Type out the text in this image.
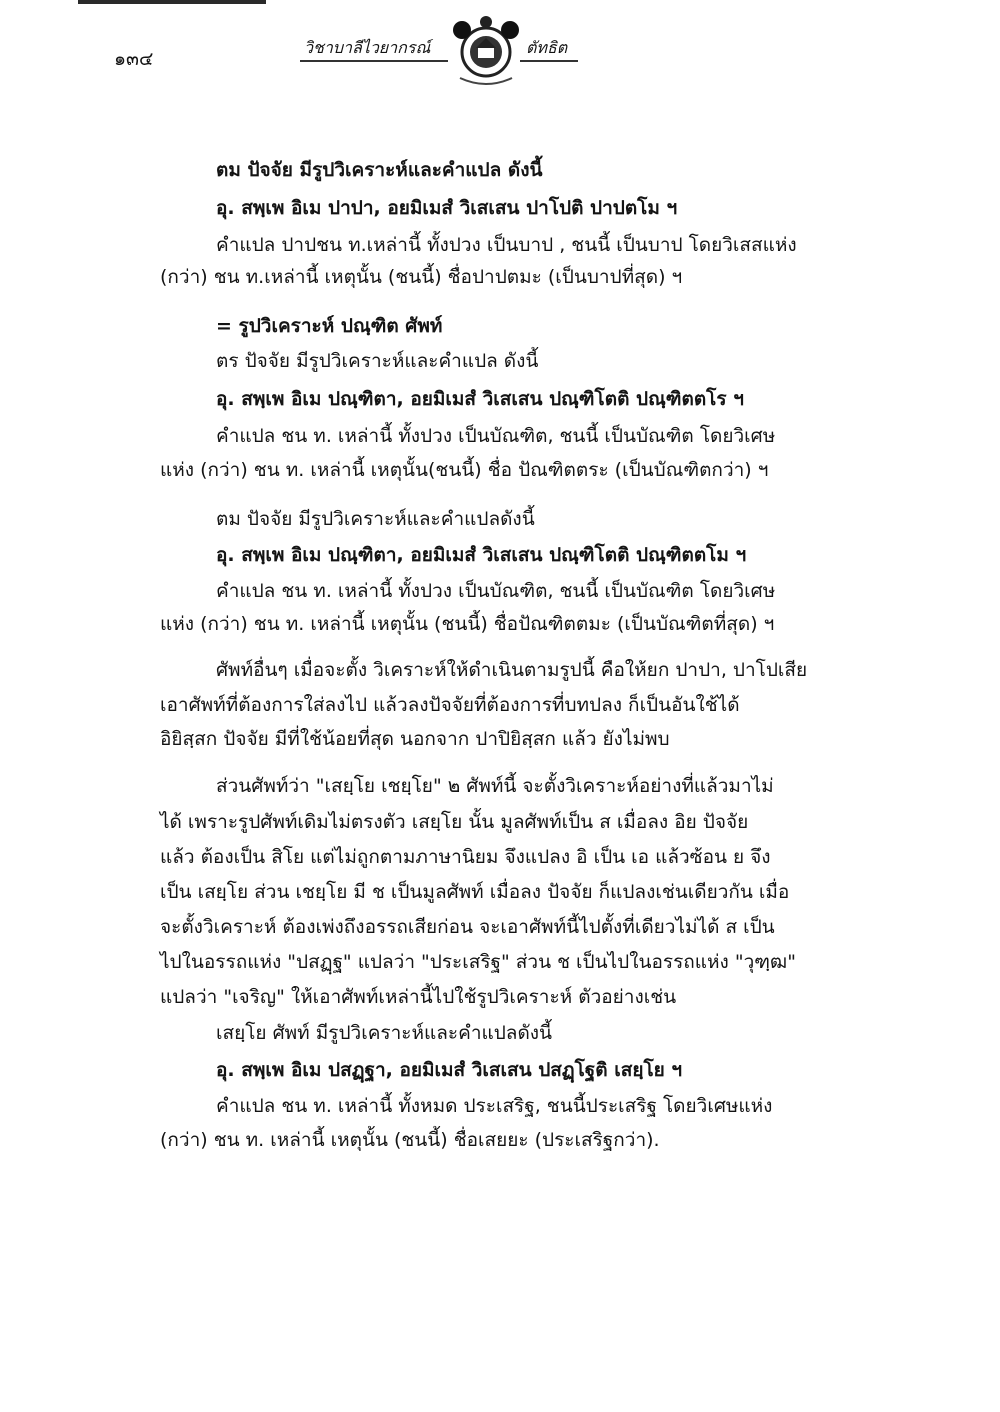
๑๓๔
วิชาบาลีไวยากรณ์	ตัทธิต
ตม ปัจจัย มีรูปวิเคราะห์และคำแปล ดังนี้
อุ. สพฺเพ อิเม ปาปา, อยมิเมสํ วิเสเสน ปาโปติ ปาปตโม ฯ
คำแปล ปาปชน ท.เหล่านี้ ทั้งปวง เป็นบาป , ชนนี้ เป็นบาป โดยวิเสสแห่ง
(กว่า) ชน ท.เหล่านี้ เหตุนั้น (ชนนี้) ชื่อปาปตมะ (เป็นบาปที่สุด) ฯ
= รูปวิเคราะห์ ปณฺฑิต ศัพท์
ตร ปัจจัย มีรูปวิเคราะห์และคำแปล ดังนี้
อุ. สพฺเพ อิเม ปณฺฑิตา, อยมิเมสํ วิเสเสน ปณฺฑิโตติ ปณฺฑิตตโร ฯ
คำแปล ชน ท. เหล่านี้ ทั้งปวง เป็นบัณฑิต, ชนนี้ เป็นบัณฑิต โดยวิเศษ
แห่ง (กว่า) ชน ท. เหล่านี้ เหตุนั้น(ชนนี้) ชื่อ ปัณฑิตตระ (เป็นบัณฑิตกว่า) ฯ
ตม ปัจจัย มีรูปวิเคราะห์และคำแปลดังนี้
อุ. สพฺเพ อิเม ปณฺฑิตา, อยมิเมสํ วิเสเสน ปณฺฑิโตติ ปณฺฑิตตโม ฯ
คำแปล ชน ท. เหล่านี้ ทั้งปวง เป็นบัณฑิต, ชนนี้ เป็นบัณฑิต โดยวิเศษ
แห่ง (กว่า) ชน ท. เหล่านี้ เหตุนั้น (ชนนี้) ชื่อปัณฑิตตมะ (เป็นบัณฑิตที่สุด) ฯ
ศัพท์อื่นๆ เมื่อจะตั้ง วิเคราะห์ให้ดำเนินตามรูปนี้ คือให้ยก ปาปา, ปาโปเสีย
เอาศัพท์ที่ต้องการใส่ลงไป แล้วลงปัจจัยที่ต้องการที่บทปลง ก็เป็นอันใช้ได้
อิยิสฺสก ปัจจัย มีที่ใช้น้อยที่สุด นอกจาก ปาปิยิสฺสก แล้ว ยังไม่พบ
ส่วนศัพท์ว่า "เสยฺโย เชยฺโย" ๒ ศัพท์นี้ จะตั้งวิเคราะห์อย่างที่แล้วมาไม่
ได้ เพราะรูปศัพท์เดิมไม่ตรงตัว เสยฺโย นั้น มูลศัพท์เป็น ส เมื่อลง อิย ปัจจัย
แล้ว ต้องเป็น สิโย แต่ไม่ถูกตามภาษานิยม จึงแปลง อิ เป็น เอ แล้วซ้อน ย จึง
เป็น เสยฺโย ส่วน เชยฺโย มี ช เป็นมูลศัพท์ เมื่อลง ปัจจัย ก็แปลงเช่นเดียวกัน เมื่อ
จะตั้งวิเคราะห์ ต้องเพ่งถึงอรรถเสียก่อน จะเอาศัพท์นี้ไปตั้งที่เดียวไม่ได้ ส เป็น
ไปในอรรถแห่ง "ปสฏฺฐ" แปลว่า "ประเสริฐ" ส่วน ช เป็นไปในอรรถแห่ง "วุฑฺฒ"
แปลว่า "เจริญ" ให้เอาศัพท์เหล่านี้ไปใช้รูปวิเคราะห์ ตัวอย่างเช่น
เสยฺโย ศัพท์ มีรูปวิเคราะห์และคำแปลดังนี้
อุ. สพฺเพ อิเม ปสฏฺฐา, อยมิเมสํ วิเสเสน ปสฏฺโฐติ เสยฺโย ฯ
คำแปล ชน ท. เหล่านี้ ทั้งหมด ประเสริฐ, ชนนี้ประเสริฐ โดยวิเศษแห่ง
(กว่า) ชน ท. เหล่านี้ เหตุนั้น (ชนนี้) ชื่อเสยยะ (ประเสริฐกว่า).
